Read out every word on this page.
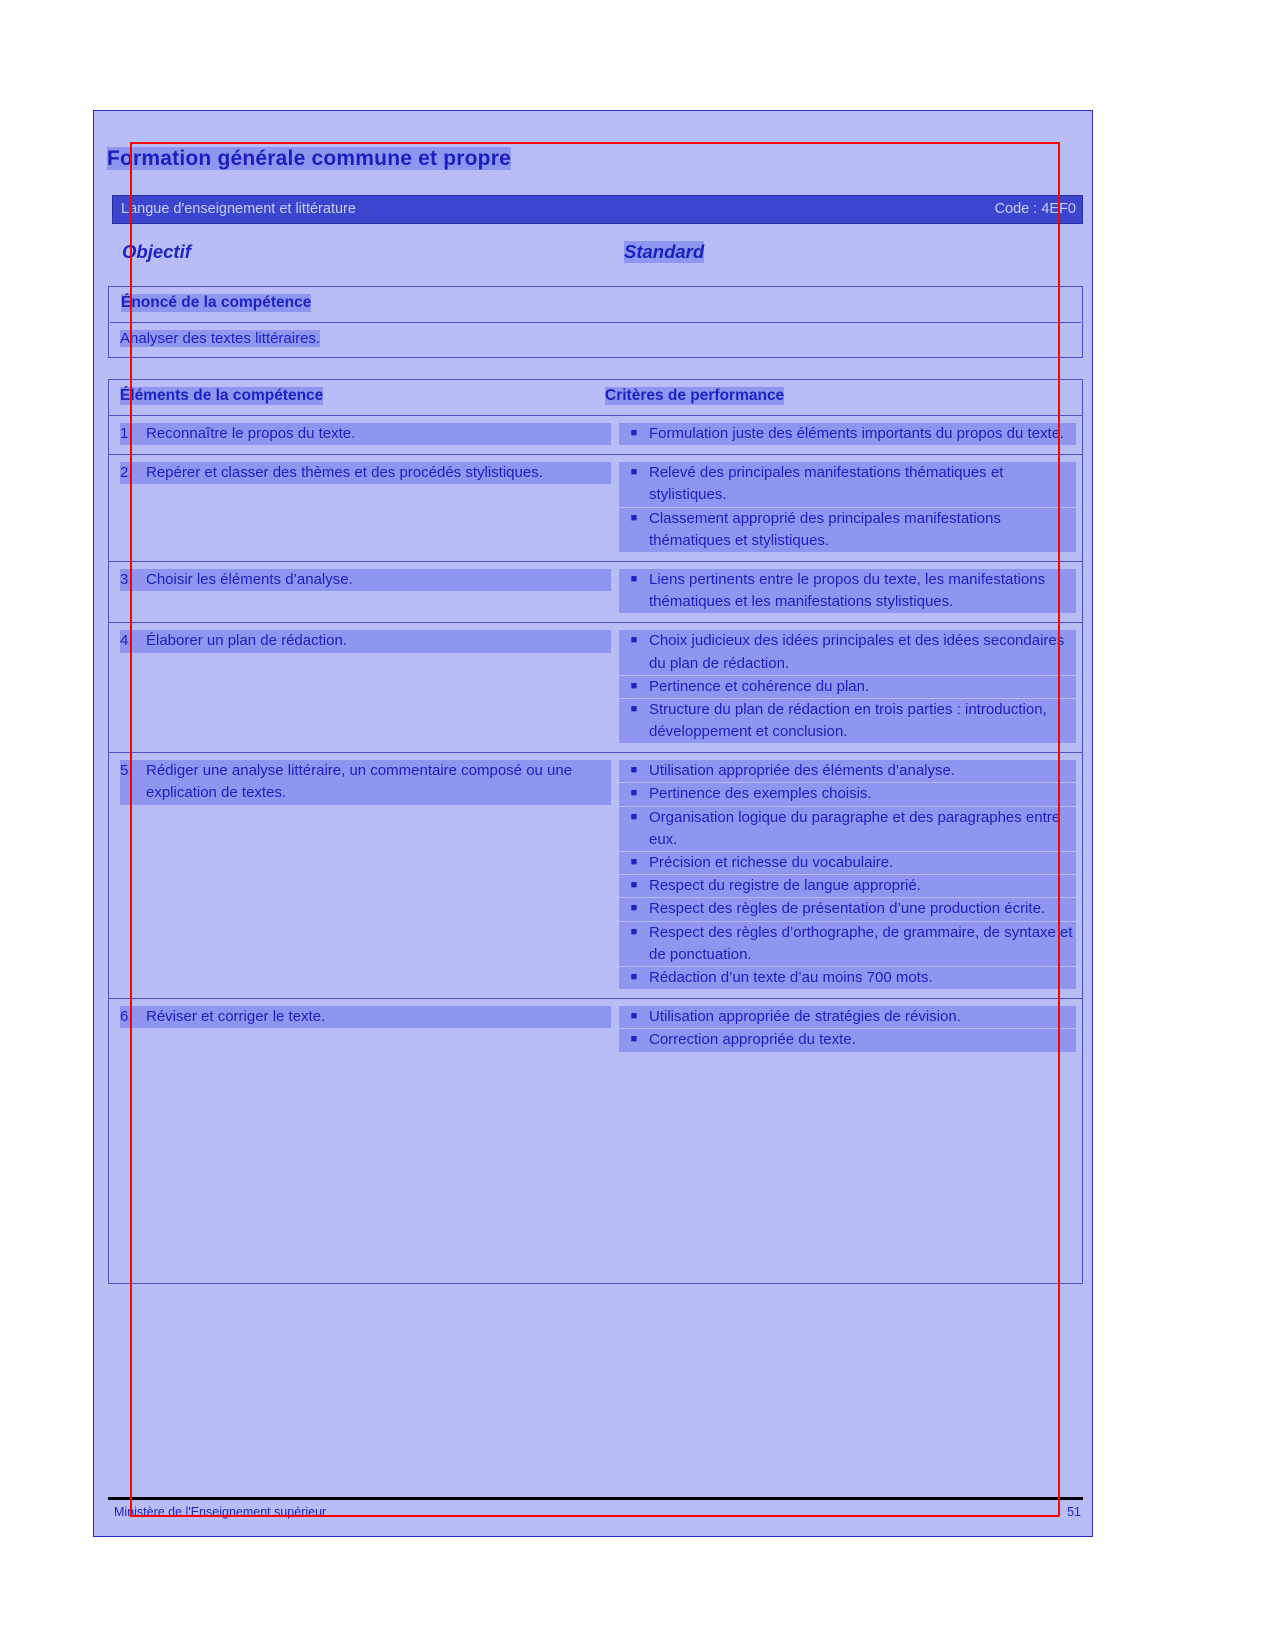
Formation générale commune et propre
Langue d'enseignement et littérature	Code : 4EF0
Objectif	Standard
Énoncé de la compétence
Analyser des textes littéraires.
Éléments de la compétence	Critères de performance
1. Reconnaître le propos du texte.	■ Formulation juste des éléments importants du propos du texte.
2. Repérer et classer des thèmes et des procédés stylistiques.	■ Relevé des principales manifestations thématiques et stylistiques.
■ Classement approprié des principales manifestations thématiques et stylistiques.
3. Choisir les éléments d’analyse.	■ Liens pertinents entre le propos du texte, les manifestations thématiques et les manifestations stylistiques.
4. Élaborer un plan de rédaction.	■ Choix judicieux des idées principales et des idées secondaires du plan de rédaction.
■ Pertinence et cohérence du plan.
■ Structure du plan de rédaction en trois parties : introduction, développement et conclusion.
5. Rédiger une analyse littéraire, un commentaire composé ou une explication de textes.
■ Utilisation appropriée des éléments d’analyse.
■ Pertinence des exemples choisis.
■ Organisation logique du paragraphe et des paragraphes entre eux.
■ Précision et richesse du vocabulaire.
■ Respect du registre de langue approprié.
■ Respect des règles de présentation d’une production écrite.
■ Respect des règles d’orthographe, de grammaire, de syntaxe et de ponctuation.
■ Rédaction d’un texte d’au moins 700 mots.
6. Réviser et corriger le texte.	■ Utilisation appropriée de stratégies de révision.
■ Correction appropriée du texte.
Ministère de l'Enseignement supérieur	51
